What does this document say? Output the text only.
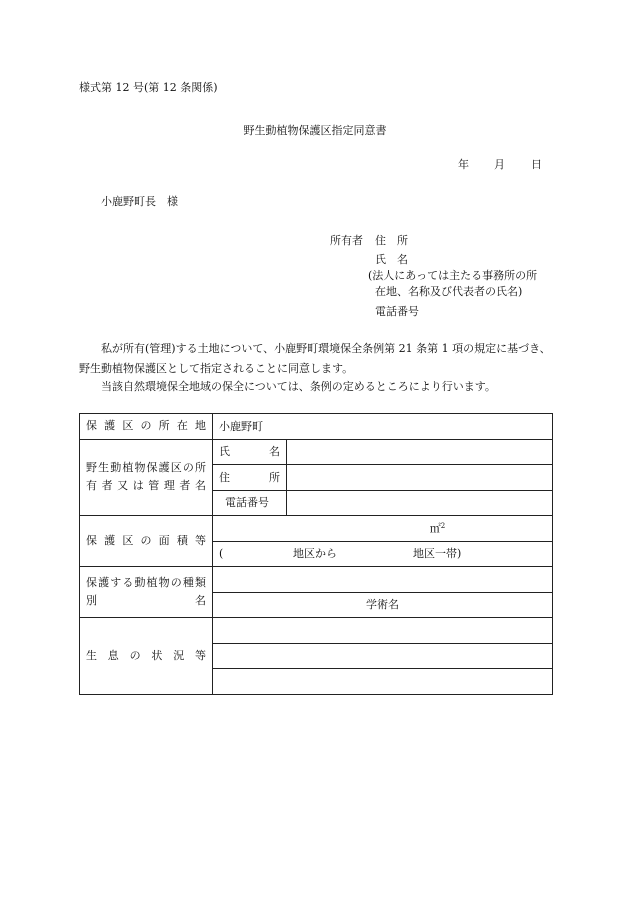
様式第 12 号(第 12 条関係)
野生動植物保護区指定同意書
年 月 日
小鹿野町長　様
所有者 住　所
氏　名
(法人にあっては主たる事務所の所
在地、名称及び代表者の氏名)
電話番号
私が所有(管理)する土地について、小鹿野町環境保全条例第 21 条第 1 項の規定に基づき、野生動植物保護区として指定されることに同意します。
当該自然環境保全地域の保全については、条例の定めるところにより行います。
保護区の所在地	小鹿野町	
野生動植物保護区の所有者又は管理者名	氏　　名	
	住　　所	
	電話番号	
保護区の面積等	㎡$^2$

	( 地区から 地区一帯)	

保護する動植物の種類別名		
	学術名	
生息の状況等		
